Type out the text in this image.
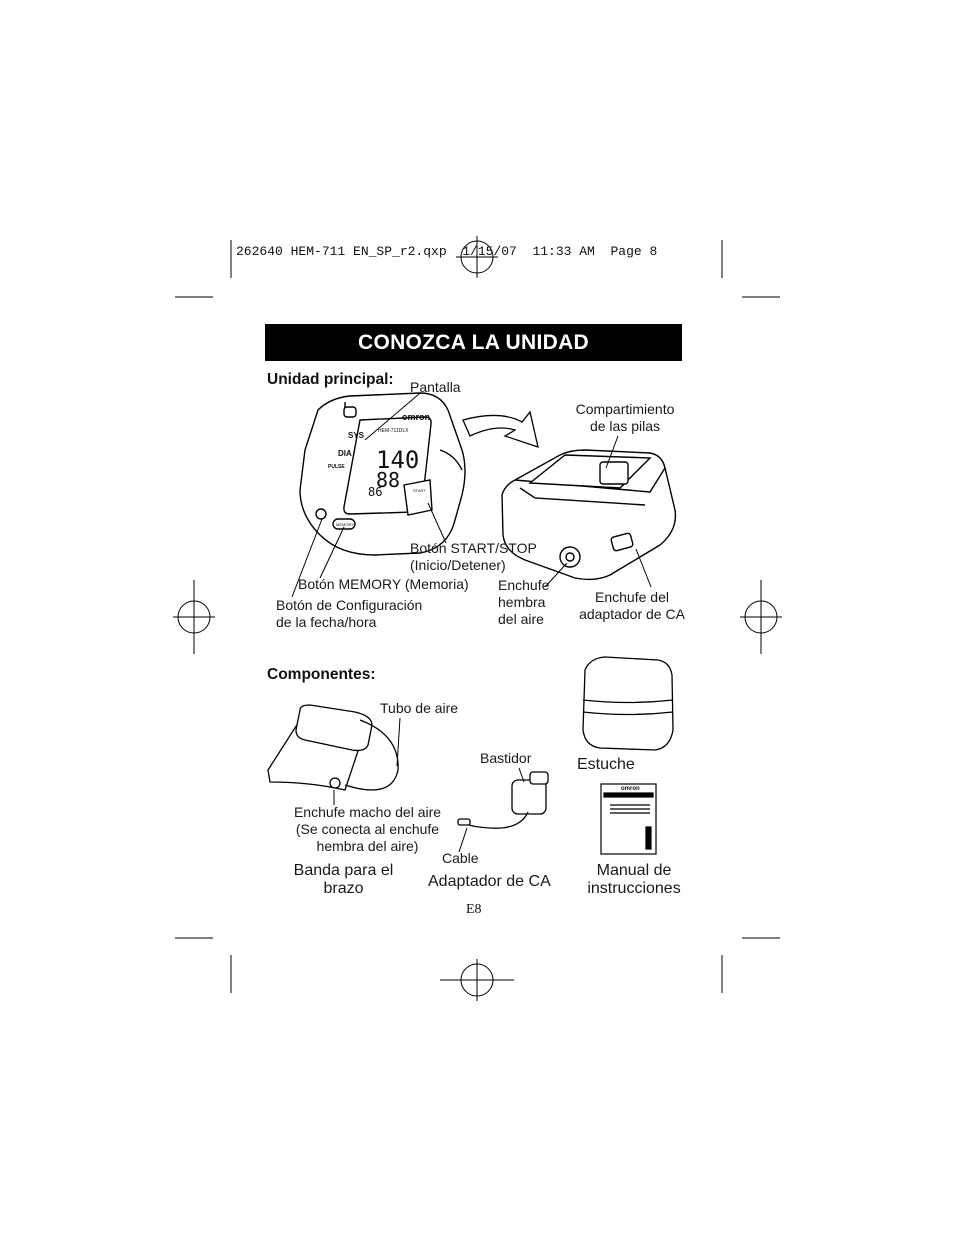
262640 HEM-711 EN_SP_r2.qxp  1/15/07  11:33 AM  Page 8
CONOZCA LA UNIDAD
Unidad principal: Pantalla
Compartimiento
de las pilas
Botón START/STOP
(Inicio/Detener)
Botón MEMORY (Memoria)
Botón de Configuración
de la fecha/hora
Enchufe
hembra
del aire
Enchufe del
adaptador de CA
omron
HEM-711DLX
SYS
DIA
PULSE 140
88
86	START
MEMORY
Componentes:
Tubo de aire
Enchufe macho del aire
(Se conecta al enchufe
hembra del aire)
Banda para el
brazo
Bastidor
Cable
Adaptador de CA
Estuche
Manual de
instrucciones
omron
E8
